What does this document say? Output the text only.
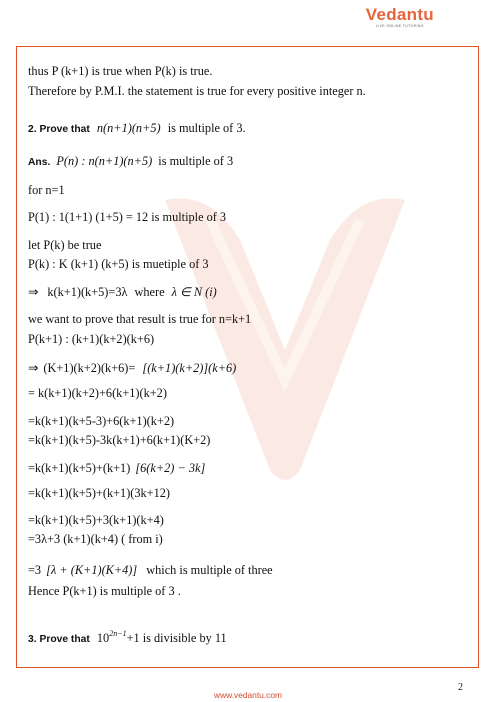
Vedantu
LIVE ONLINE TUTORING
thus P (k+1) is true when P(k) is true.
Therefore by P.M.I. the statement is true for every positive integer n.
2. Prove that n(n+1)(n+5) is multiple of 3.
Ans. P(n) : n(n+1)(n+5) is multiple of 3
for n=1
P(1) : 1(1+1) (1+5) = 12 is multiple of 3
let P(k) be true
P(k) : K (k+1) (k+5) is muetiple of 3
⇒ k(k+1)(k+5)=3λ where λ ∈ N (i)
we want to prove that result is true for n=k+1
P(k+1) : (k+1)(k+2)(k+6)
⇒ (K+1)(k+2)(k+6)= [(k+1)(k+2)](k+6)
= k(k+1)(k+2)+6(k+1)(k+2)
=k(k+1)(k+5-3)+6(k+1)(k+2)
=k(k+1)(k+5)-3k(k+1)+6(k+1)(K+2)
=k(k+1)(k+5)+(k+1) [6(k+2) − 3k]
=k(k+1)(k+5)+(k+1)(3k+12)
=k(k+1)(k+5)+3(k+1)(k+4)
=3λ+3 (k+1)(k+4) ( from i)
=3 [λ + (K+1)(K+4)] which is multiple of three
Hence P(k+1) is multiple of 3 .
3. Prove that $10^{2n-1}+1$ is divisible by 11
www.vedantu.com
2
